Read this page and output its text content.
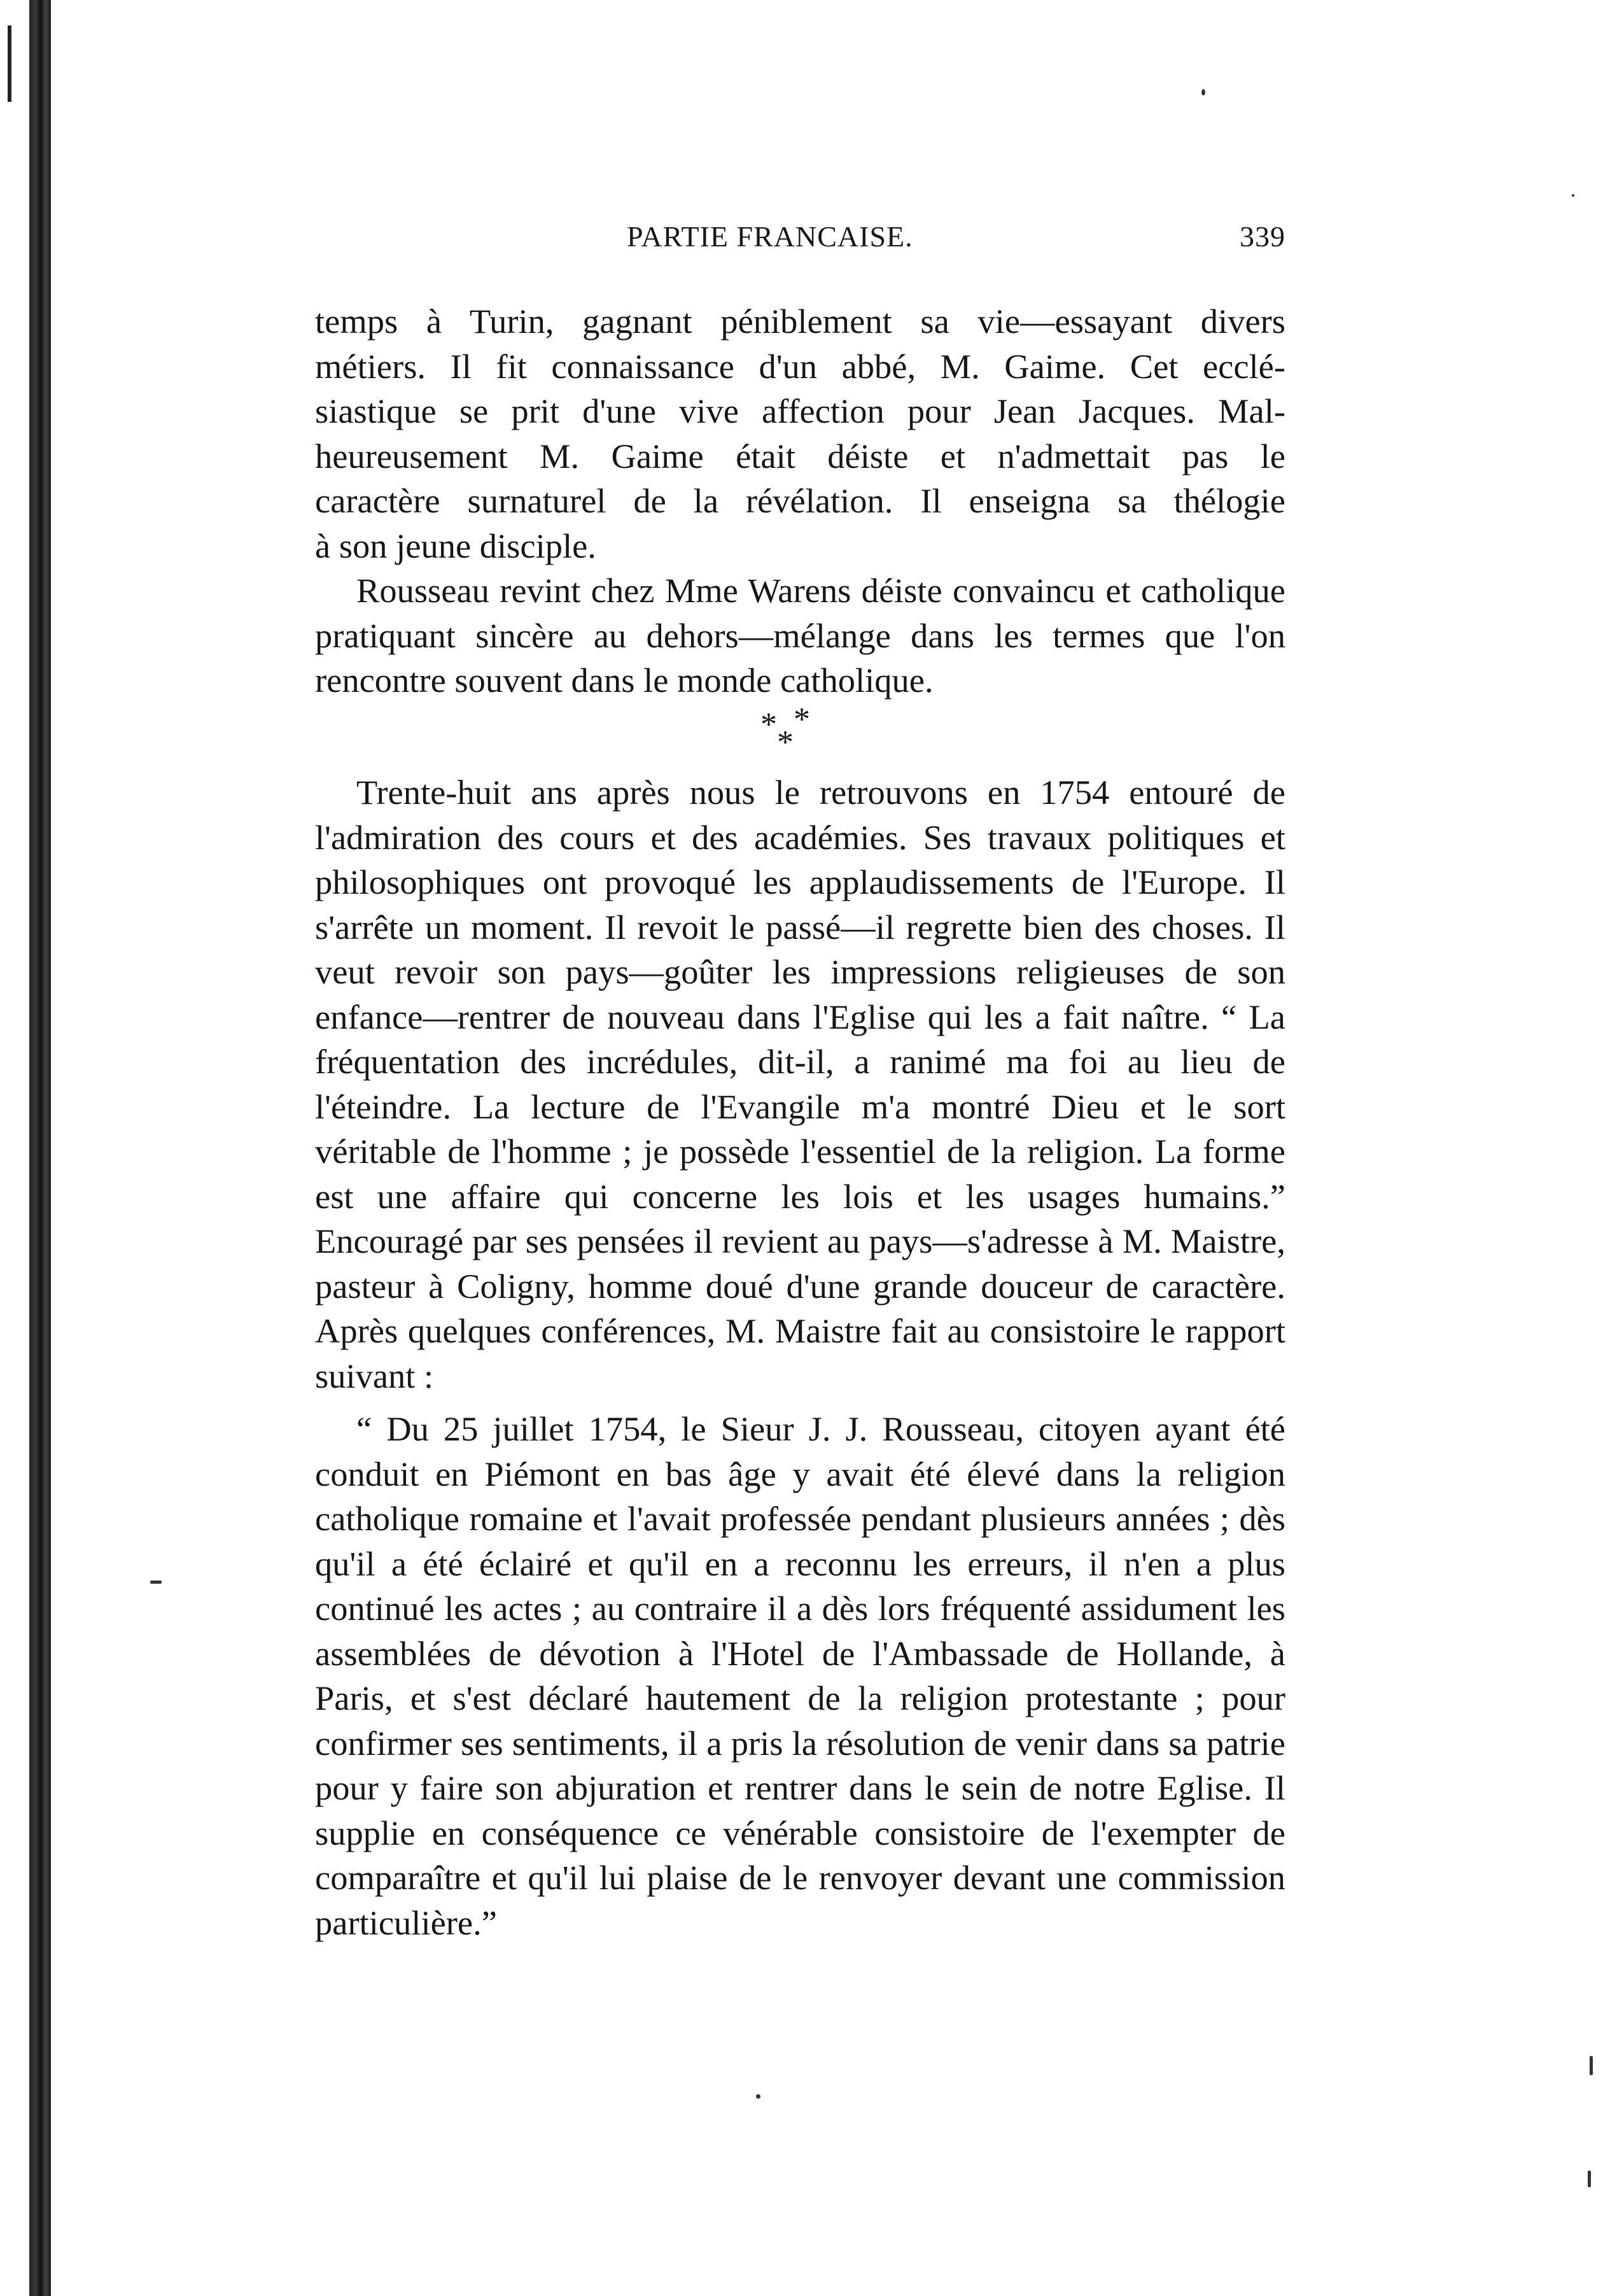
PARTIE FRANCAISE.	339
temps à Turin, gagnant péniblement sa vie—essayant divers
métiers. Il fit connaissance d'un abbé, M. Gaime. Cet ecclé-
siastique se prit d'une vive affection pour Jean Jacques. Mal-
heureusement M. Gaime était déiste et n'admettait pas le
caractère surnaturel de la révélation. Il enseigna sa thélogie
à son jeune disciple.

Rousseau revint chez Mme Warens déiste convaincu et catholique pratiquant sincère au dehors—mélange dans les termes que l'on rencontre souvent dans le monde catholique.

* *
*

Trente-huit ans après nous le retrouvons en 1754 entouré de l'admiration des cours et des académies. Ses travaux politiques et philosophiques ont provoqué les applaudissements de l'Europe. Il s'arrête un moment. Il revoit le passé—il regrette bien des choses. Il veut revoir son pays—goûter les impressions religieuses de son enfance—rentrer de nouveau dans l'Eglise qui les a fait naître. “ La fréquentation des incrédules, dit-il, a ranimé ma foi au lieu de l'éteindre. La lecture de l'Evangile m'a montré Dieu et le sort véritable de l'homme ; je possède l'essentiel de la religion. La forme est une affaire qui concerne les lois et les usages humains.” Encouragé par ses pensées il revient au pays—s'adresse à M. Maistre, pasteur à Coligny, homme doué d'une grande douceur de caractère. Après quelques conférences, M. Maistre fait au consistoire le rapport suivant :

“ Du 25 juillet 1754, le Sieur J. J. Rousseau, citoyen ayant été conduit en Piémont en bas âge y avait été élevé dans la religion catholique romaine et l'avait professée pendant plusieurs années ; dès qu'il a été éclairé et qu'il en a reconnu les erreurs, il n'en a plus continué les actes ; au contraire il a dès lors fréquenté assidument les assemblées de dévotion à l'Hotel de l'Ambassade de Hollande, à Paris, et s'est déclaré hautement de la religion protestante ; pour confirmer ses sentiments, il a pris la résolution de venir dans sa patrie pour y faire son abjuration et rentrer dans le sein de notre Eglise. Il supplie en conséquence ce vénérable consistoire de l'exempter de comparaître et qu'il lui plaise de le renvoyer devant une commission particulière.”
